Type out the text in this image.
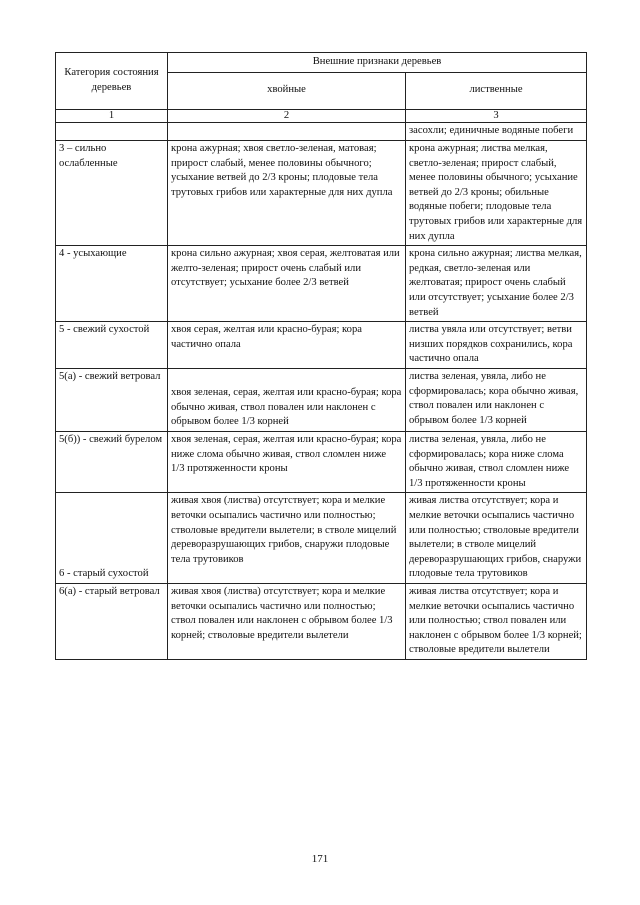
Категория состояния деревьев	Внешние признаки деревьев	
	хвойные	лиственные
1	2	3
		засохли; единичные водяные побеги
3 – сильно ослабленные	крона ажурная; хвоя светло-зеленая, матовая; прирост слабый, менее половины обычного; усыхание ветвей до 2/3 кроны; плодовые тела трутовых грибов или характерные для них дупла	крона ажурная; листва мелкая, светло-зеленая; прирост слабый, менее половины обычного; усыхание ветвей до 2/3 кроны; обильные водяные побеги; плодовые тела трутовых грибов или характерные для них дупла
4 - усыхающие	крона сильно ажурная; хвоя серая, желтоватая или желто-зеленая; прирост очень слабый или отсутствует; усыхание более 2/3 ветвей	крона сильно ажурная; листва мелкая, редкая, светло-зеленая или желтоватая; прирост очень слабый или отсутствует; усыхание более 2/3 ветвей
5 - свежий сухостой	хвоя серая, желтая или красно-бурая; кора частично опала	листва увяла или отсутствует; ветви низших порядков сохранились, кора частично опала
5(а) - свежий ветровал	хвоя зеленая, серая, желтая или красно-бурая; кора обычно живая, ствол повален или наклонен с обрывом более 1/3 корней	листва зеленая, увяла, либо не сформировалась; кора обычно живая, ствол повален или наклонен с обрывом более 1/3 корней
5(б)) - свежий бурелом	хвоя зеленая, серая, желтая или красно-бурая; кора ниже слома обычно живая, ствол сломлен ниже 1/3 протяженности кроны	листва зеленая, увяла, либо не сформировалась; кора ниже слома обычно живая, ствол сломлен ниже 1/3 протяженности кроны
6 - старый сухостой	живая хвоя (листва) отсутствует; кора и мелкие веточки осыпались частично или полностью; стволовые вредители вылетели; в стволе мицелий дереворазрушающих грибов, снаружи плодовые тела трутовиков	живая листва отсутствует; кора и мелкие веточки осыпались частично или полностью; стволовые вредители вылетели; в стволе мицелий дереворазрушающих грибов, снаружи плодовые тела трутовиков
6(а) - старый ветровал	живая хвоя (листва) отсутствует; кора и мелкие веточки осыпались частично или полностью; ствол повален или наклонен с обрывом более 1/3 корней; стволовые вредители вылетели	живая листва отсутствует; кора и мелкие веточки осыпались частично или полностью; ствол повален или наклонен с обрывом более 1/3 корней; стволовые вредители вылетели
171
